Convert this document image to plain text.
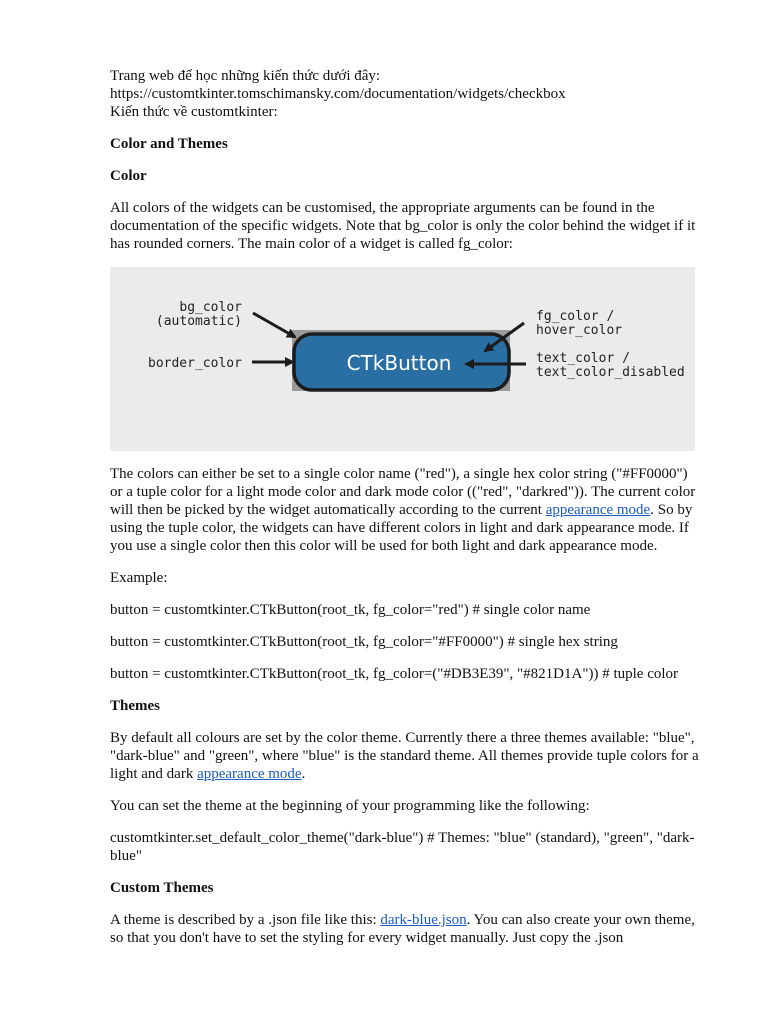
Trang web để học những kiến thức dưới đây:
https://customtkinter.tomschimansky.com/documentation/widgets/checkbox
Kiến thức về customtkinter:
Color and Themes
Color

All colors of the widgets can be customised, the appropriate arguments can be found in the documentation of the specific widgets. Note that bg_color is only the color behind the widget if it has rounded corners. The main color of a widget is called fg_color:

CTkButton
bg_color
(automatic)
border_color
fg_color /
hover_color
text_color /
text_color_disabled

The colors can either be set to a single color name ("red"), a single hex color string ("#FF0000") or a tuple color for a light mode color and dark mode color (("red", "darkred")). The current color will then be picked by the widget automatically according to the current appearance mode. So by using the tuple color, the widgets can have different colors in light and dark appearance mode. If you use a single color then this color will be used for both light and dark appearance mode.

Example:

button = customtkinter.CTkButton(root_tk, fg_color="red") # single color name

button = customtkinter.CTkButton(root_tk, fg_color="#FF0000") # single hex string

button = customtkinter.CTkButton(root_tk, fg_color=("#DB3E39", "#821D1A")) # tuple color

Themes

By default all colours are set by the color theme. Currently there a three themes available: "blue", "dark-blue" and "green", where "blue" is the standard theme. All themes provide tuple colors for a light and dark appearance mode.

You can set the theme at the beginning of your programming like the following:

customtkinter.set_default_color_theme("dark-blue") # Themes: "blue" (standard), "green", "dark-blue"

Custom Themes

A theme is described by a .json file like this: dark-blue.json. You can also create your own theme, so that you don't have to set the styling for every widget manually. Just copy the .json
